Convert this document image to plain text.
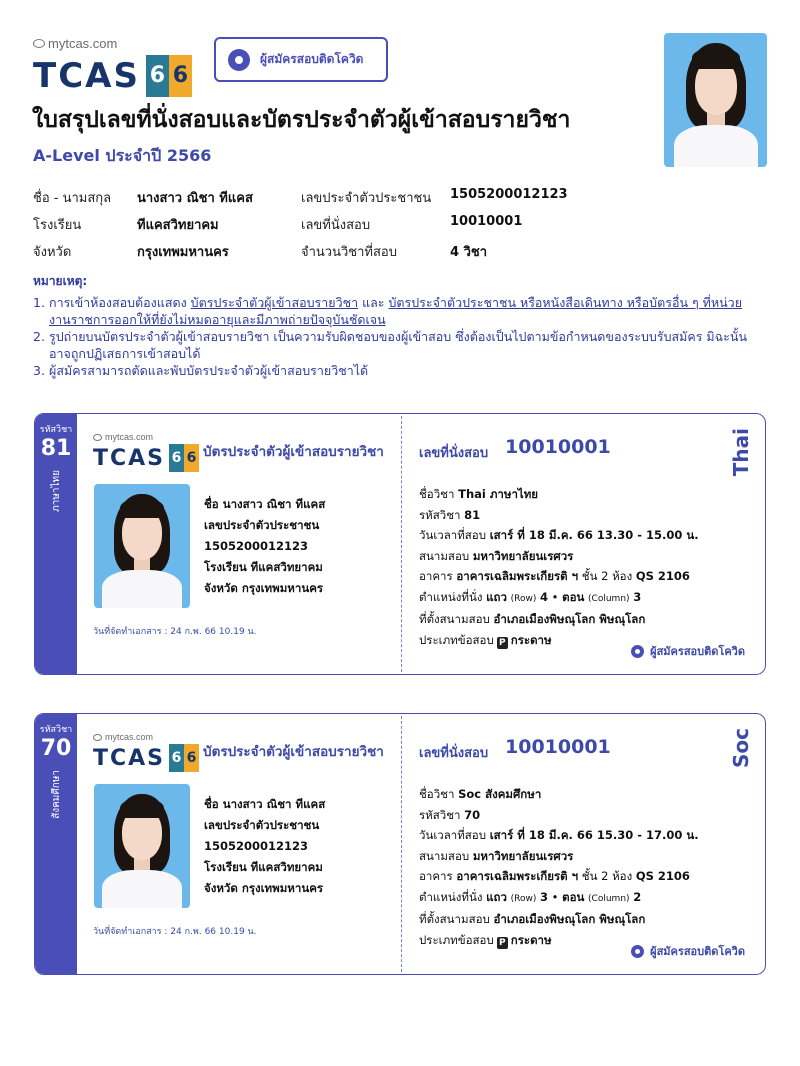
mytcas.com
TCAS 6 6
ผู้สมัครสอบติดโควิด
ใบสรุปเลขที่นั่งสอบและบัตรประจำตัวผู้เข้าสอบรายวิชา
A-Level ประจำปี 2566
ชื่อ - นามสกุล นางสาว ณิชา ทีแคส	เลขประจำตัวประชาชน 1505200012123
โรงเรียน	ทีแคสวิทยาคม	เลขที่นั่งสอบ	10010001
จังหวัด	กรุงเทพมหานคร	จำนวนวิชาที่สอบ	4 วิชา
หมายเหตุ:
1. การเข้าห้องสอบต้องแสดง บัตรประจำตัวผู้เข้าสอบรายวิชา และ บัตรประจำตัวประชาชน หรือหนังสือเดินทาง หรือบัตรอื่น ๆ ที่หน่วยงานราชการออกให้ที่ยังไม่หมดอายุและมีภาพถ่ายปัจจุบันชัดเจน
2. รูปถ่ายบนบัตรประจำตัวผู้เข้าสอบรายวิชา เป็นความรับผิดชอบของผู้เข้าสอบ ซึ่งต้องเป็นไปตามข้อกำหนดของระบบรับสมัคร มิฉะนั้นอาจถูกปฏิเสธการเข้าสอบได้
3. ผู้สมัครสามารถตัดและพับบัตรประจำตัวผู้เข้าสอบรายวิชาได้
รหัสวิชา
81
ภาษาไทย
mytcas.com
TCAS 6 6 บัตรประจำตัวผู้เข้าสอบรายวิชา
ชื่อ นางสาว ณิชา ทีแคส
เลขประจำตัวประชาชน
1505200012123
โรงเรียน ทีแคสวิทยาคม
จังหวัด กรุงเทพมหานคร
วันที่จัดทำเอกสาร : 24 ก.พ. 66 10.19 น.
เลขที่นั่งสอบ 10010001	Thai
ชื่อวิชา Thai ภาษาไทย
รหัสวิชา 81
วันเวลาที่สอบ เสาร์ ที่ 18 มี.ค. 66 13.30 - 15.00 น.
สนามสอบ มหาวิทยาลัยนเรศวร
อาคาร อาคารเฉลิมพระเกียรติ ฯ ชั้น 2 ห้อง QS 2106
ตำแหน่งที่นั่ง แถว (Row) 4 • ตอน (Column) 3
ที่ตั้งสนามสอบ อำเภอเมืองพิษณุโลก พิษณุโลก
ประเภทข้อสอบ P กระดาษ
ผู้สมัครสอบติดโควิด
รหัสวิชา
70
สังคมศึกษา
mytcas.com
TCAS 6 6 บัตรประจำตัวผู้เข้าสอบรายวิชา
ชื่อ นางสาว ณิชา ทีแคส
เลขประจำตัวประชาชน
1505200012123
โรงเรียน ทีแคสวิทยาคม
จังหวัด กรุงเทพมหานคร
วันที่จัดทำเอกสาร : 24 ก.พ. 66 10.19 น.
เลขที่นั่งสอบ 10010001	Soc
ชื่อวิชา Soc สังคมศึกษา
รหัสวิชา 70
วันเวลาที่สอบ เสาร์ ที่ 18 มี.ค. 66 15.30 - 17.00 น.
สนามสอบ มหาวิทยาลัยนเรศวร
อาคาร อาคารเฉลิมพระเกียรติ ฯ ชั้น 2 ห้อง QS 2106
ตำแหน่งที่นั่ง แถว (Row) 3 • ตอน (Column) 2
ที่ตั้งสนามสอบ อำเภอเมืองพิษณุโลก พิษณุโลก
ประเภทข้อสอบ P กระดาษ
ผู้สมัครสอบติดโควิด
